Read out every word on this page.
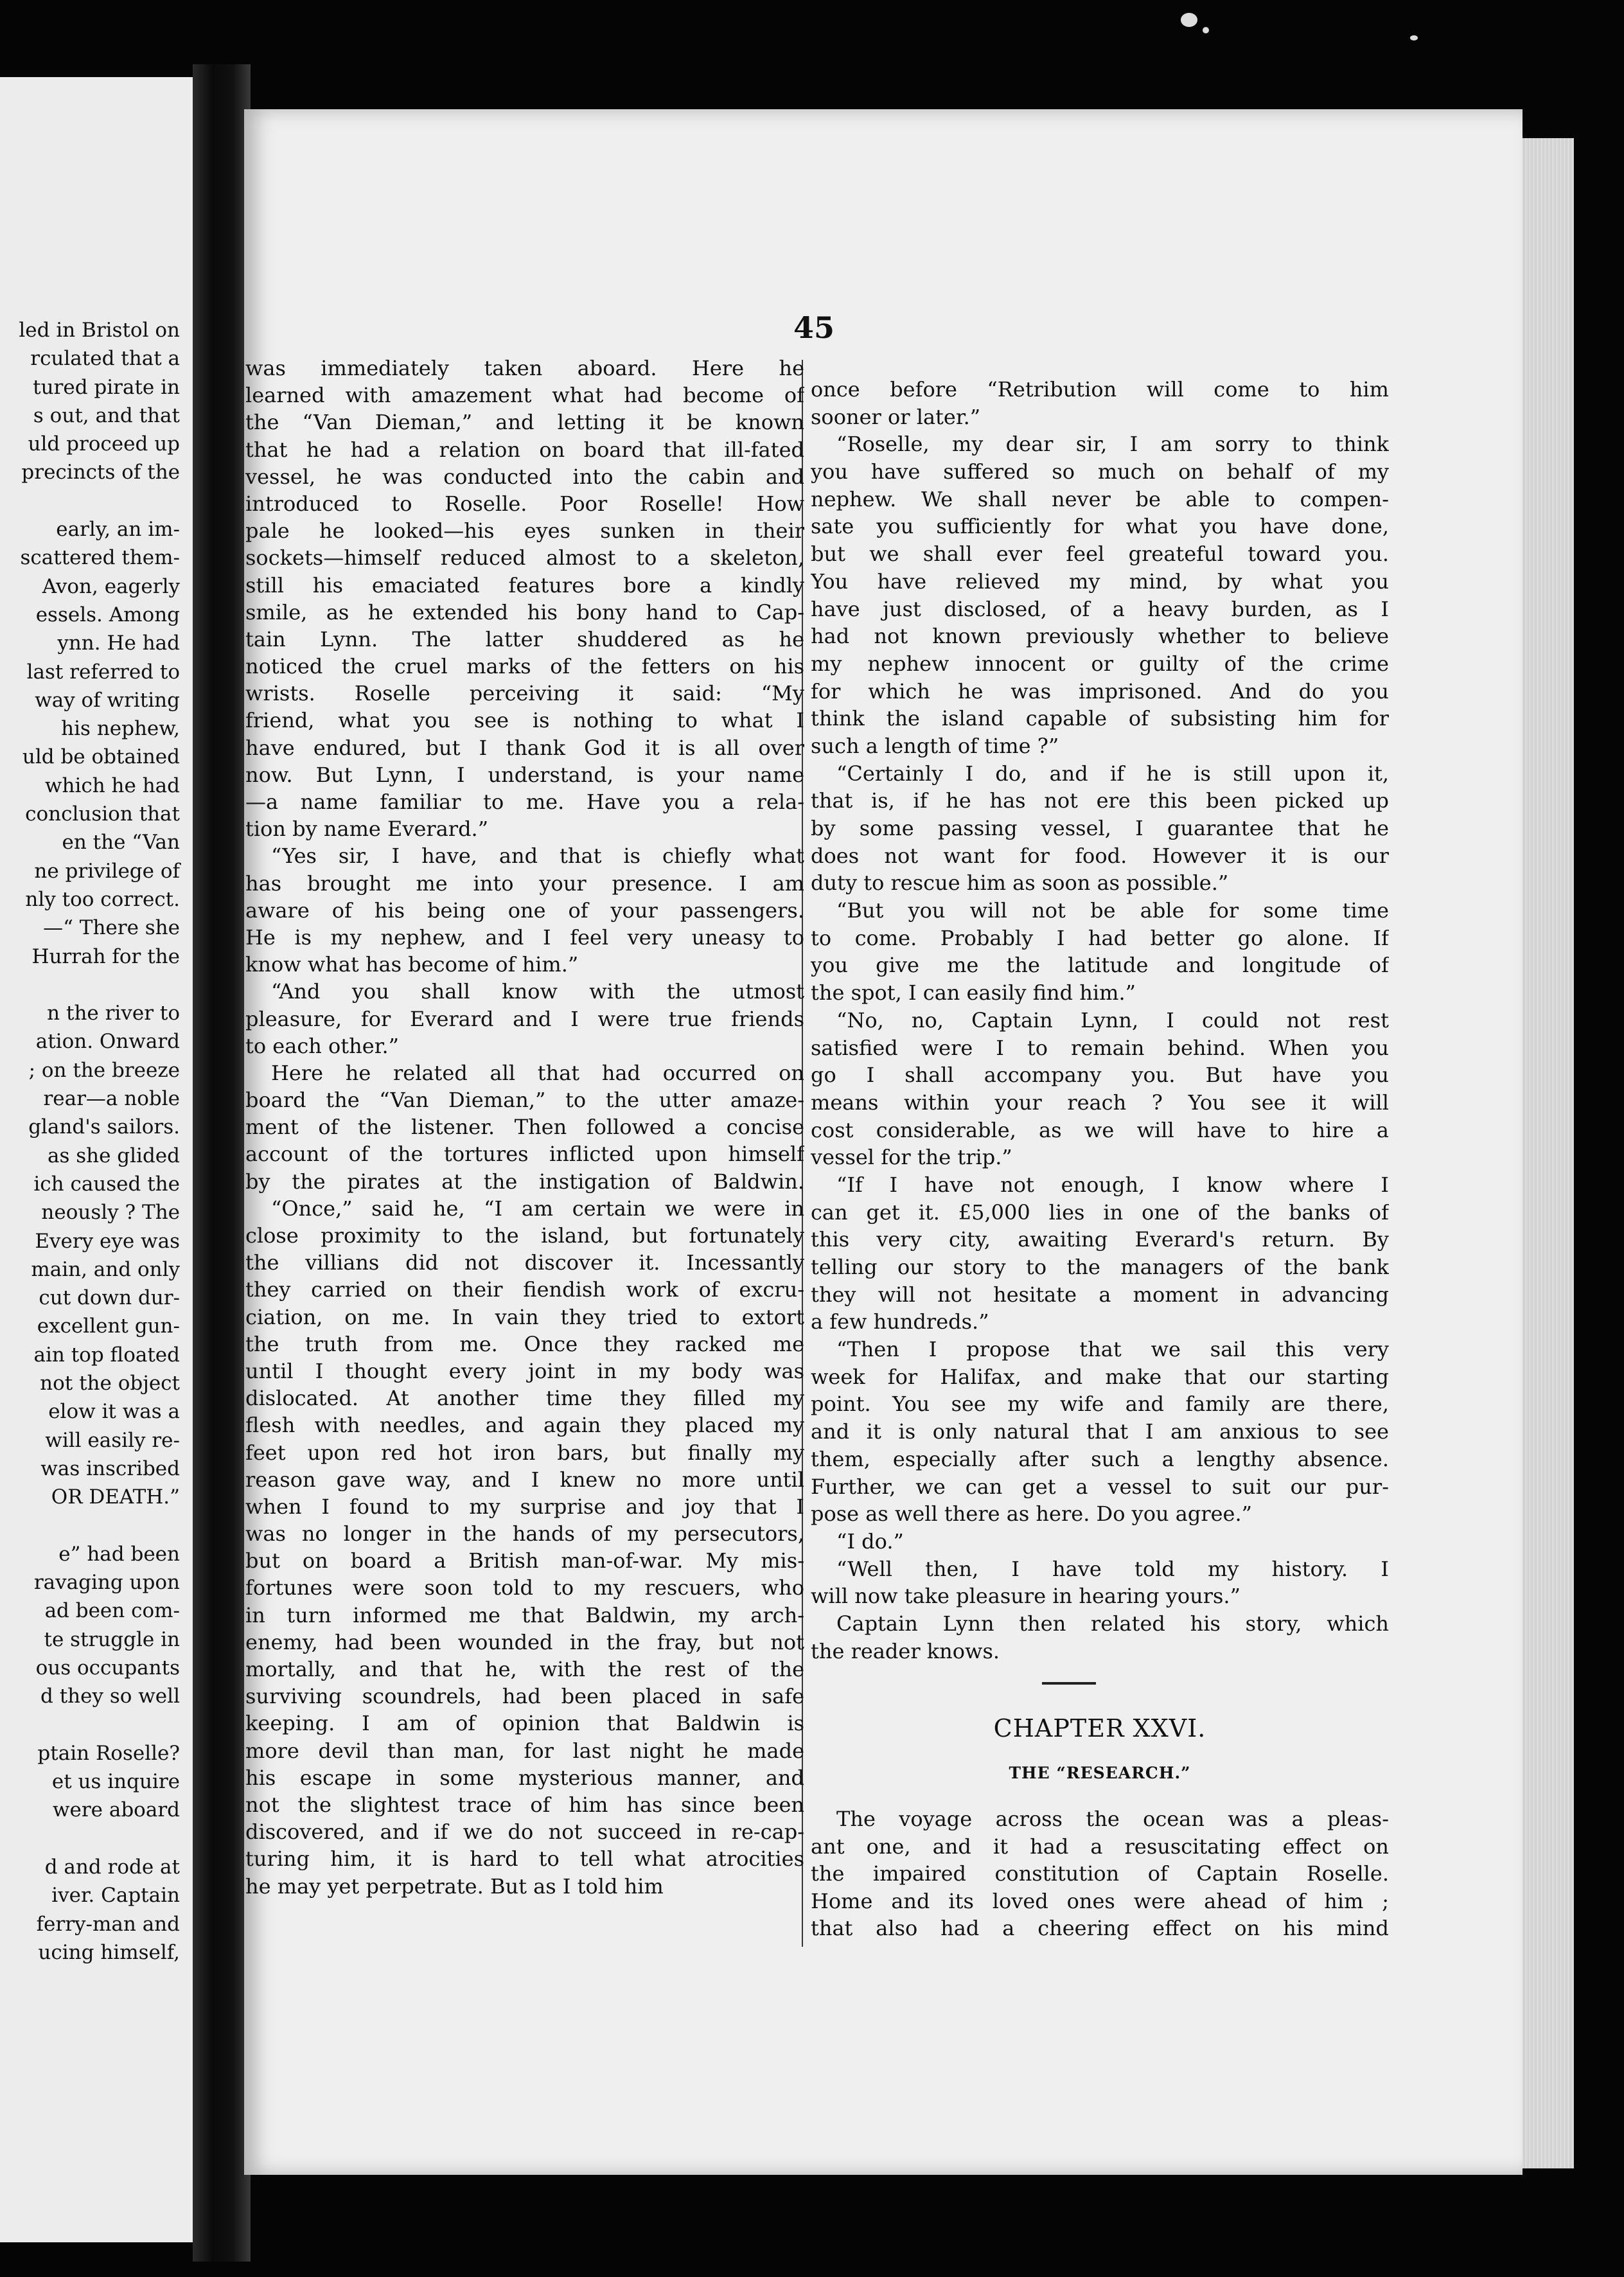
led in Bristol on
rculated that a
tured pirate in
s out, and that
uld proceed up
precincts of the
early, an im-
scattered them-
Avon, eagerly
essels. Among
ynn. He had
last referred to
way of writing
his nephew,
uld be obtained
which he had
conclusion that
en the “Van
ne privilege of
nly too correct.
—“ There she
Hurrah for the
n the river to
ation. Onward
; on the breeze
rear—a noble
gland's sailors.
as she glided
ich caused the
neously ? The
Every eye was
main, and only
cut down dur-
excellent gun-
ain top floated
not the object
elow it was a
will easily re-
was inscribed
OR DEATH.”
e” had been
ravaging upon
ad been com-
te struggle in
ous occupants
d they so well
ptain Roselle?
et us inquire
were aboard
d and rode at
iver. Captain
ferry-man and
ucing himself,
45
was immediately taken aboard. Here he
learned with amazement what had become of
the “Van Dieman,” and letting it be known
that he had a relation on board that ill-fated
vessel, he was conducted into the cabin and
introduced to Roselle. Poor Roselle! How
pale he looked—his eyes sunken in their
sockets—himself reduced almost to a skeleton,
still his emaciated features bore a kindly
smile, as he extended his bony hand to Cap-
tain Lynn. The latter shuddered as he
noticed the cruel marks of the fetters on his
wrists. Roselle perceiving it said: “My
friend, what you see is nothing to what I
have endured, but I thank God it is all over
now. But Lynn, I understand, is your name
—a name familiar to me. Have you a rela-
tion by name Everard.”
“Yes sir, I have, and that is chiefly what
has brought me into your presence. I am
aware of his being one of your passengers.
He is my nephew, and I feel very uneasy to
know what has become of him.”
“And you shall know with the utmost
pleasure, for Everard and I were true friends
to each other.”
Here he related all that had occurred on
board the “Van Dieman,” to the utter amaze-
ment of the listener. Then followed a concise
account of the tortures inflicted upon himself
by the pirates at the instigation of Baldwin.
“Once,” said he, “I am certain we were in
close proximity to the island, but fortunately
the villians did not discover it. Incessantly
they carried on their fiendish work of excru-
ciation, on me. In vain they tried to extort
the truth from me. Once they racked me
until I thought every joint in my body was
dislocated. At another time they filled my
flesh with needles, and again they placed my
feet upon red hot iron bars, but finally my
reason gave way, and I knew no more until
when I found to my surprise and joy that I
was no longer in the hands of my persecutors,
but on board a British man-of-war. My mis-
fortunes were soon told to my rescuers, who
in turn informed me that Baldwin, my arch-
enemy, had been wounded in the fray, but not
mortally, and that he, with the rest of the
surviving scoundrels, had been placed in safe
keeping. I am of opinion that Baldwin is
more devil than man, for last night he made
his escape in some mysterious manner, and
not the slightest trace of him has since been
discovered, and if we do not succeed in re-cap-
turing him, it is hard to tell what atrocities
he may yet perpetrate. But as I told him
once before “Retribution will come to him
sooner or later.”
“Roselle, my dear sir, I am sorry to think
you have suffered so much on behalf of my
nephew. We shall never be able to compen-
sate you sufficiently for what you have done,
but we shall ever feel greateful toward you.
You have relieved my mind, by what you
have just disclosed, of a heavy burden, as I
had not known previously whether to believe
my nephew innocent or guilty of the crime
for which he was imprisoned. And do you
think the island capable of subsisting him for
such a length of time ?”
“Certainly I do, and if he is still upon it,
that is, if he has not ere this been picked up
by some passing vessel, I guarantee that he
does not want for food. However it is our
duty to rescue him as soon as possible.”
“But you will not be able for some time
to come. Probably I had better go alone. If
you give me the latitude and longitude of
the spot, I can easily find him.”
“No, no, Captain Lynn, I could not rest
satisfied were I to remain behind. When you
go I shall accompany you. But have you
means within your reach ? You see it will
cost considerable, as we will have to hire a
vessel for the trip.”
“If I have not enough, I know where I
can get it. £5,000 lies in one of the banks of
this very city, awaiting Everard's return. By
telling our story to the managers of the bank
they will not hesitate a moment in advancing
a few hundreds.”
“Then I propose that we sail this very
week for Halifax, and make that our starting
point. You see my wife and family are there,
and it is only natural that I am anxious to see
them, especially after such a lengthy absence.
Further, we can get a vessel to suit our pur-
pose as well there as here. Do you agree.”
“I do.”
“Well then, I have told my history. I
will now take pleasure in hearing yours.”
Captain Lynn then related his story, which
the reader knows.
CHAPTER XXVI.
THE “RESEARCH.”
The voyage across the ocean was a pleas-
ant one, and it had a resuscitating effect on
the impaired constitution of Captain Roselle.
Home and its loved ones were ahead of him ;
that also had a cheering effect on his mind
